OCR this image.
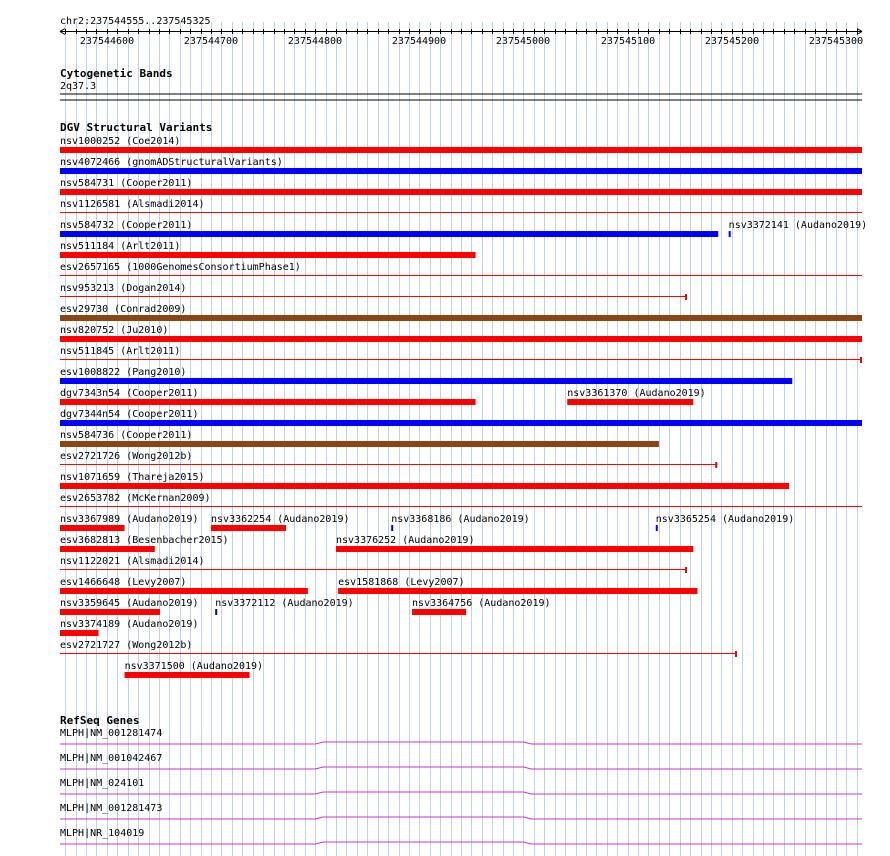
chr2:237544555..237545325
237544600	237544700	237544800	237544900	237545000	237545100	237545200	237545300
Cytogenetic Bands
2q37.3
DGV Structural Variants
nsv1000252 (Coe2014)
nsv4072466 (gnomADStructuralVariants)
nsv584731 (Cooper2011)
nsv1126581 (Alsmadi2014)
nsv584732 (Cooper2011)	nsv3372141 (Audano2019)
nsv511184 (Arlt2011)
esv2657165 (1000GenomesConsortiumPhase1)
nsv953213 (Dogan2014)
esv29730 (Conrad2009)
nsv820752 (Ju2010)
nsv511845 (Arlt2011)
esv1008822 (Pang2010)
dgv7343n54 (Cooper2011)	nsv3361370 (Audano2019)
dgv7344n54 (Cooper2011)
nsv584736 (Cooper2011)
esv2721726 (Wong2012b)
nsv1071659 (Thareja2015)
esv2653782 (McKernan2009)
nsv3367989 (Audano2019) nsv3362254 (Audano2019)	nsv3368186 (Audano2019)	nsv3365254 (Audano2019)
esv3682813 (Besenbacher2015)	nsv3376252 (Audano2019)
nsv1122021 (Alsmadi2014)
esv1466648 (Levy2007)	esv1581868 (Levy2007)
nsv3359645 (Audano2019) nsv3372112 (Audano2019)	nsv3364756 (Audano2019)
nsv3374189 (Audano2019)
esv2721727 (Wong2012b)
nsv3371500 (Audano2019)
RefSeq Genes
MLPH|NM_001281474
MLPH|NM_001042467
MLPH|NM_024101
MLPH|NM_001281473
MLPH|NR_104019
